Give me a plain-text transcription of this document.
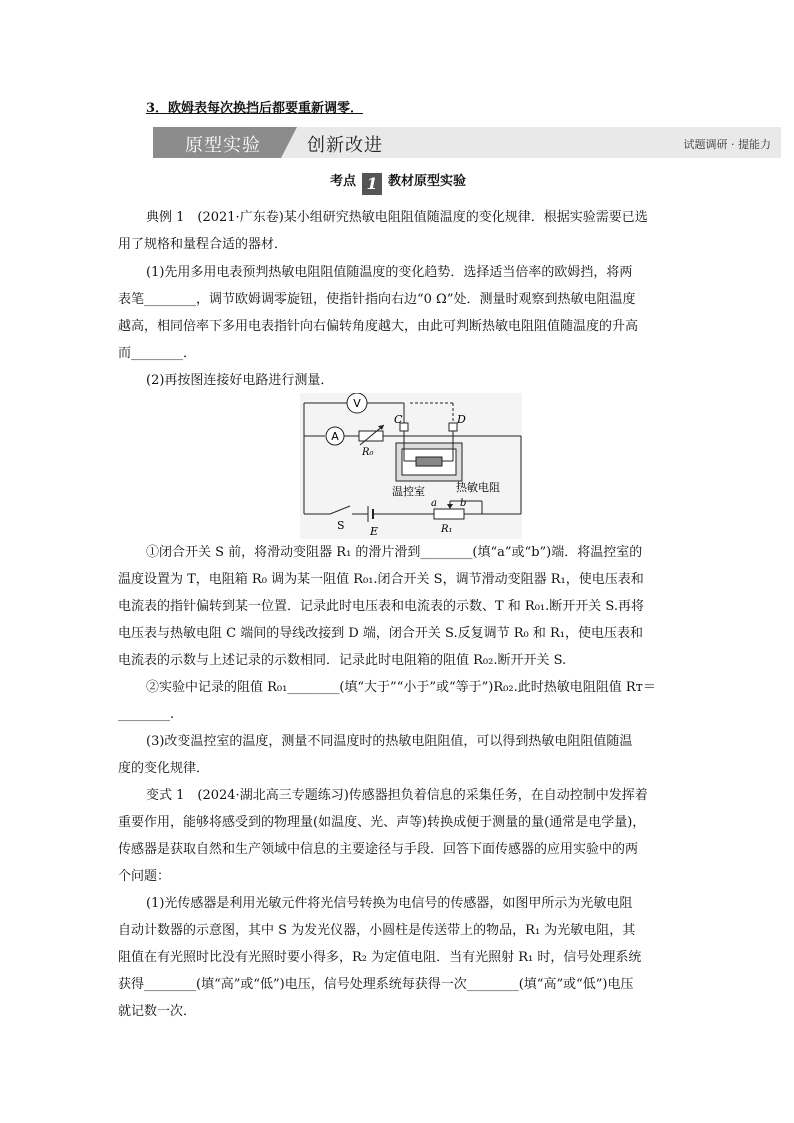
3．欧姆表每次换挡后都要重新调零．
原型实验	创新改进	试题调研 · 提能力
考点 1 教材原型实验
典例 1　(2021·广东卷)某小组研究热敏电阻阻值随温度的变化规律．根据实验需要已选
用了规格和量程合适的器材．
(1)先用多用电表预判热敏电阻阻值随温度的变化趋势．选择适当倍率的欧姆挡，将两
表笔________，调节欧姆调零旋钮，使指针指向右边“0 Ω”处．测量时观察到热敏电阻温度
越高，相同倍率下多用电表指针向右偏转角度越大，由此可判断热敏电阻阻值随温度的升高
而________．
(2)再按图连接好电路进行测量．
V
A
R₀
C	D
温控室	热敏电阻
S E
a b
R₁
①闭合开关 S 前，将滑动变阻器 R₁ 的滑片滑到________(填“a”或“b”)端．将温控室的
温度设置为 T，电阻箱 R₀ 调为某一阻值 R₀₁.闭合开关 S，调节滑动变阻器 R₁，使电压表和
电流表的指针偏转到某一位置．记录此时电压表和电流表的示数、T 和 R₀₁.断开开关 S.再将
电压表与热敏电阻 C 端间的导线改接到 D 端，闭合开关 S.反复调节 R₀ 和 R₁，使电压表和
电流表的示数与上述记录的示数相同．记录此时电阻箱的阻值 R₀₂.断开开关 S.
②实验中记录的阻值 R₀₁________(填“大于”“小于”或“等于”)R₀₂.此时热敏电阻阻值 Rᴛ＝
________.
(3)改变温控室的温度，测量不同温度时的热敏电阻阻值，可以得到热敏电阻阻值随温
度的变化规律．
变式 1　(2024·湖北高三专题练习)传感器担负着信息的采集任务，在自动控制中发挥着
重要作用，能够将感受到的物理量(如温度、光、声等)转换成便于测量的量(通常是电学量)，
传感器是获取自然和生产领域中信息的主要途径与手段．回答下面传感器的应用实验中的两
个问题：
(1)光传感器是利用光敏元件将光信号转换为电信号的传感器，如图甲所示为光敏电阻
自动计数器的示意图，其中 S 为发光仪器，小圆柱是传送带上的物品，R₁ 为光敏电阻，其
阻值在有光照时比没有光照时要小得多，R₂ 为定值电阻．当有光照射 R₁ 时，信号处理系统
获得________(填“高”或“低”)电压，信号处理系统每获得一次________(填“高”或“低”)电压
就记数一次．
